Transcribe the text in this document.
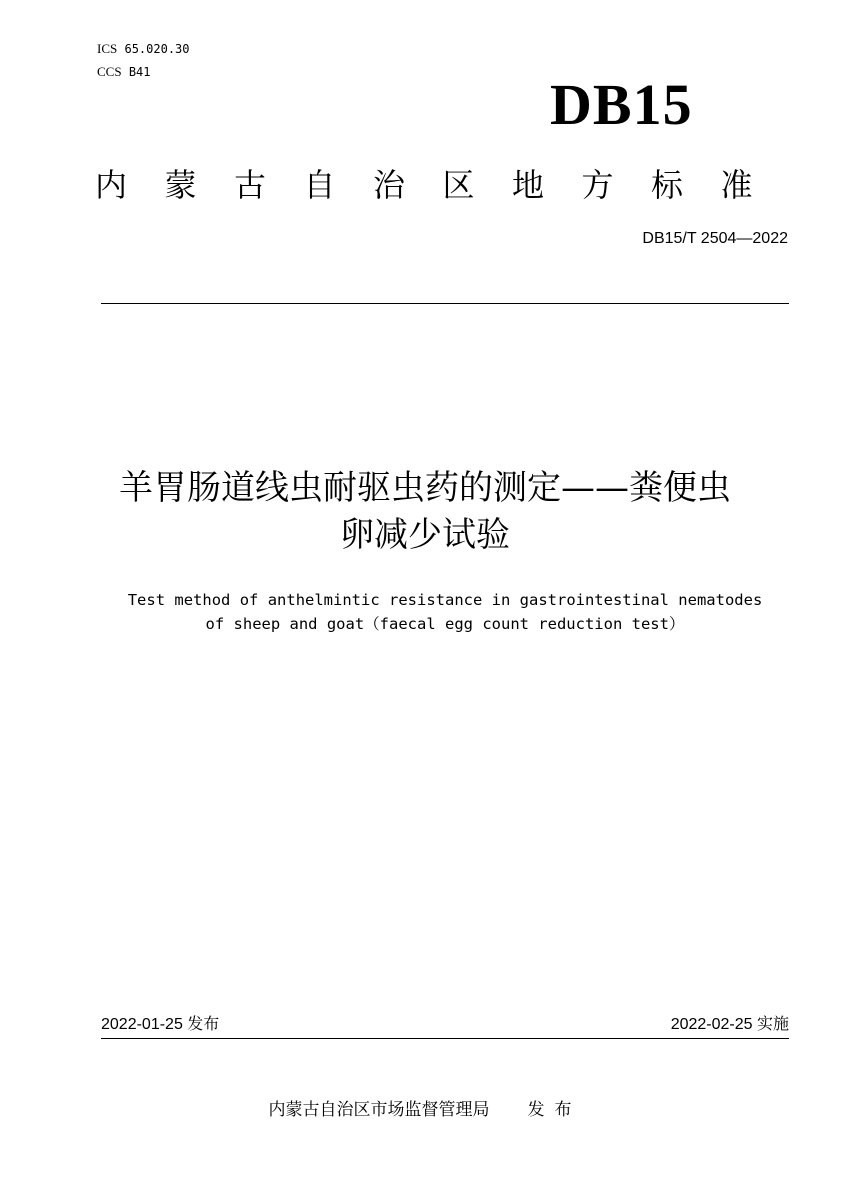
ICS 65.020.30
CCS B41	DB15
内蒙古自治区地方标准
DB15/T 2504—2022
羊胃肠道线虫耐驱虫药的测定——粪便虫
卵减少试验
Test method of anthelmintic resistance in gastrointestinal nematodes
of sheep and goat（faecal egg count reduction test）
2022-01-25 发布	2022-02-25 实施
内蒙古自治区市场监督管理局 发布
